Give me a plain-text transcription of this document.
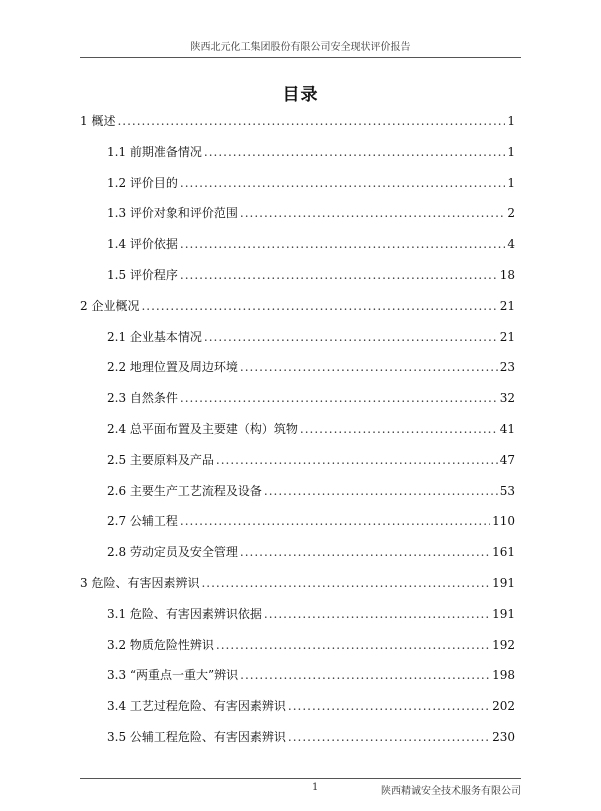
陕西北元化工集团股份有限公司安全现状评价报告
目录
1 概述 .....	1
1.1 前期准备情况 .....	1
1.2 评价目的 .....	1
1.3 评价对象和评价范围 .....	2
1.4 评价依据 .....	4
1.5 评价程序 .....	18
2 企业概况 .....	21
2.1 企业基本情况 .....	21
2.2 地理位置及周边环境 .....	23
2.3 自然条件 .....	32
2.4 总平面布置及主要建（构）筑物 .....	41
2.5 主要原料及产品 .....	47
2.6 主要生产工艺流程及设备 .....	53
2.7 公辅工程 .....	110
2.8 劳动定员及安全管理 .....	161
3 危险、有害因素辨识 .....	191
3.1 危险、有害因素辨识依据 .....	191
3.2 物质危险性辨识 .....	192
3.3 “两重点一重大”辨识 .....	198
3.4 工艺过程危险、有害因素辨识 .....	202
3.5 公辅工程危险、有害因素辨识 .....	230
1	陕西精诚安全技术服务有限公司
